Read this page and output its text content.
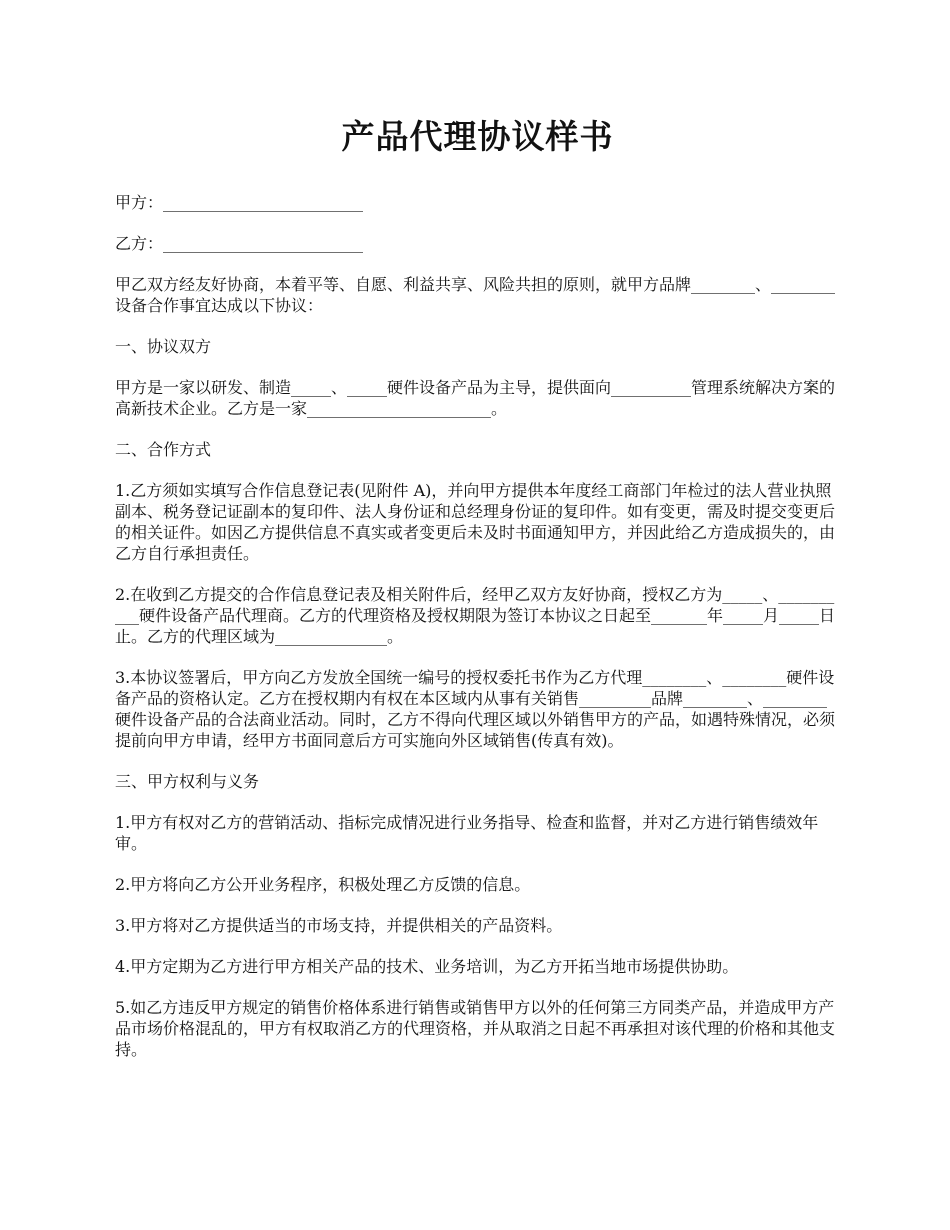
产品代理协议样书

甲方：_________________________

乙方：_________________________

甲乙双方经友好协商，本着平等、自愿、利益共享、风险共担的原则，就甲方品牌________、________设备合作事宜达成以下协议：

一、协议双方

甲方是一家以研发、制造_____、_____硬件设备产品为主导，提供面向__________管理系统解决方案的高新技术企业。乙方是一家_______________________。

二、合作方式

1.乙方须如实填写合作信息登记表(见附件 A)，并向甲方提供本年度经工商部门年检过的法人营业执照副本、税务登记证副本的复印件、法人身份证和总经理身份证的复印件。如有变更，需及时提交变更后的相关证件。如因乙方提供信息不真实或者变更后未及时书面通知甲方，并因此给乙方造成损失的，由乙方自行承担责任。

2.在收到乙方提交的合作信息登记表及相关附件后，经甲乙双方友好协商，授权乙方为_____、__________硬件设备产品代理商。乙方的代理资格及授权期限为签订本协议之日起至_______年_____月_____日止。乙方的代理区域为______________。

3.本协议签署后，甲方向乙方发放全国统一编号的授权委托书作为乙方代理________、________硬件设备产品的资格认定。乙方在授权期内有权在本区域内从事有关销售_________品牌________、________硬件设备产品的合法商业活动。同时，乙方不得向代理区域以外销售甲方的产品，如遇特殊情况，必须提前向甲方申请，经甲方书面同意后方可实施向外区域销售(传真有效)。

三、甲方权利与义务

1.甲方有权对乙方的营销活动、指标完成情况进行业务指导、检查和监督，并对乙方进行销售绩效年审。

2.甲方将向乙方公开业务程序，积极处理乙方反馈的信息。

3.甲方将对乙方提供适当的市场支持，并提供相关的产品资料。

4.甲方定期为乙方进行甲方相关产品的技术、业务培训，为乙方开拓当地市场提供协助。

5.如乙方违反甲方规定的销售价格体系进行销售或销售甲方以外的任何第三方同类产品，并造成甲方产品市场价格混乱的，甲方有权取消乙方的代理资格，并从取消之日起不再承担对该代理的价格和其他支持。
